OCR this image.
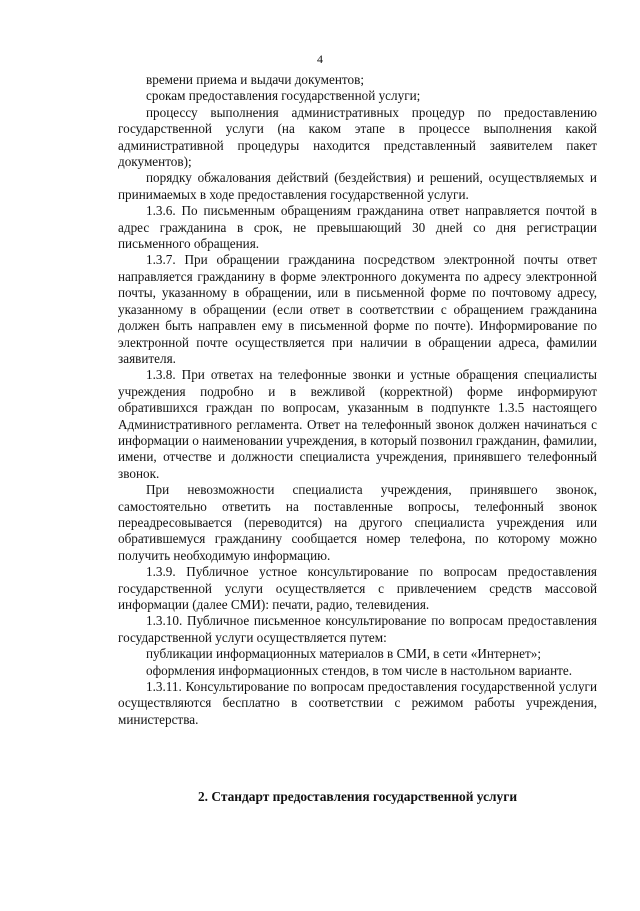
4

времени приема и выдачи документов;

срокам предоставления государственной услуги;

процессу выполнения административных процедур по предоставлению государственной услуги (на каком этапе в процессе выполнения какой административной процедуры находится представленный заявителем пакет документов);

порядку обжалования действий (бездействия) и решений, осуществляемых и принимаемых в ходе предоставления государственной услуги.

1.3.6. По письменным обращениям гражданина ответ направляется почтой в адрес гражданина в срок, не превышающий 30 дней со дня регистрации письменного обращения.

1.3.7. При обращении гражданина посредством электронной почты ответ направляется гражданину в форме электронного документа по адресу электронной почты, указанному в обращении, или в письменной форме по почтовому адресу, указанному в обращении (если ответ в соответствии с обращением гражданина должен быть направлен ему в письменной форме по почте). Информирование по электронной почте осуществляется при наличии в обращении адреса, фамилии заявителя.

1.3.8. При ответах на телефонные звонки и устные обращения специалисты учреждения подробно и в вежливой (корректной) форме информируют обратившихся граждан по вопросам, указанным в подпункте 1.3.5 настоящего Административного регламента. Ответ на телефонный звонок должен начинаться с информации о наименовании учреждения, в который позвонил гражданин, фамилии, имени, отчестве и должности специалиста учреждения, принявшего телефонный звонок.

При невозможности специалиста учреждения, принявшего звонок, самостоятельно ответить на поставленные вопросы, телефонный звонок переадресовывается (переводится) на другого специалиста учреждения или обратившемуся гражданину сообщается номер телефона, по которому можно получить необходимую информацию.

1.3.9. Публичное устное консультирование по вопросам предоставления государственной услуги осуществляется с привлечением средств массовой информации (далее СМИ): печати, радио, телевидения.

1.3.10. Публичное письменное консультирование по вопросам предоставления государственной услуги осуществляется путем:

публикации информационных материалов в СМИ, в сети «Интернет»;

оформления информационных стендов, в том числе в настольном варианте.

1.3.11. Консультирование по вопросам предоставления государственной услуги осуществляются бесплатно в соответствии с режимом работы учреждения, министерства.

2. Стандарт предоставления государственной услуги
